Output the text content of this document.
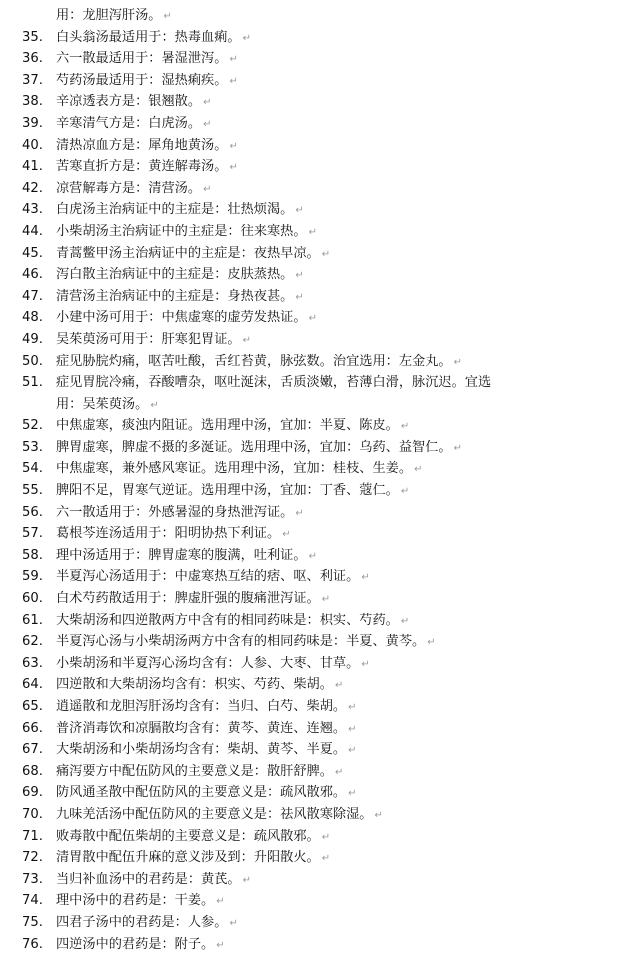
用：龙胆泻肝汤。 ↵
35. 白头翁汤最适用于：热毒血痢。 ↵
36. 六一散最适用于：暑湿泄泻。 ↵
37. 芍药汤最适用于：湿热痢疾。 ↵
38. 辛凉透表方是：银翘散。 ↵
39. 辛寒清气方是：白虎汤。 ↵
40. 清热凉血方是：犀角地黄汤。 ↵
41. 苦寒直折方是：黄连解毒汤。 ↵
42. 凉营解毒方是：清营汤。 ↵
43. 白虎汤主治病证中的主症是：壮热烦渴。 ↵
44. 小柴胡汤主治病证中的主症是：往来寒热。 ↵
45. 青蒿鳖甲汤主治病证中的主症是：夜热早凉。 ↵
46. 泻白散主治病证中的主症是：皮肤蒸热。 ↵
47. 清营汤主治病证中的主症是：身热夜甚。 ↵
48. 小建中汤可用于：中焦虚寒的虚劳发热证。 ↵
49. 吴茱萸汤可用于：肝寒犯胃证。 ↵
50. 症见胁脘灼痛，呕苦吐酸，舌红苔黄，脉弦数。治宜选用：左金丸。 ↵
51. 症见胃脘冷痛，吞酸嘈杂，呕吐涎沫，舌质淡嫩，苔薄白滑，脉沉迟。宜选
用：吴茱萸汤。 ↵
52. 中焦虚寒，痰浊内阻证。选用理中汤，宜加：半夏、陈皮。 ↵
53. 脾胃虚寒，脾虚不摄的多涎证。选用理中汤，宜加：乌药、益智仁。 ↵
54. 中焦虚寒，兼外感风寒证。选用理中汤，宜加：桂枝、生姜。 ↵
55. 脾阳不足，胃寒气逆证。选用理中汤，宜加：丁香、蔻仁。 ↵
56. 六一散适用于：外感暑湿的身热泄泻证。 ↵
57. 葛根芩连汤适用于：阳明协热下利证。 ↵
58. 理中汤适用于：脾胃虚寒的腹满，吐利证。 ↵
59. 半夏泻心汤适用于：中虚寒热互结的痞、呕、利证。 ↵
60. 白术芍药散适用于：脾虚肝强的腹痛泄泻证。 ↵
61. 大柴胡汤和四逆散两方中含有的相同药味是：枳实、芍药。 ↵
62. 半夏泻心汤与小柴胡汤两方中含有的相同药味是：半夏、黄芩。 ↵
63. 小柴胡汤和半夏泻心汤均含有：人参、大枣、甘草。 ↵
64. 四逆散和大柴胡汤均含有：枳实、芍药、柴胡。 ↵
65. 逍遥散和龙胆泻肝汤均含有：当归、白芍、柴胡。 ↵
66. 普济消毒饮和凉膈散均含有：黄芩、黄连、连翘。 ↵
67. 大柴胡汤和小柴胡汤均含有：柴胡、黄芩、半夏。 ↵
68. 痛泻要方中配伍防风的主要意义是：散肝舒脾。 ↵
69. 防风通圣散中配伍防风的主要意义是：疏风散邪。 ↵
70. 九味羌活汤中配伍防风的主要意义是：祛风散寒除湿。 ↵
71. 败毒散中配伍柴胡的主要意义是：疏风散邪。 ↵
72. 清胃散中配伍升麻的意义涉及到：升阳散火。 ↵
73. 当归补血汤中的君药是：黄芪。 ↵
74. 理中汤中的君药是：干姜。 ↵
75. 四君子汤中的君药是：人参。 ↵
76. 四逆汤中的君药是：附子。 ↵
